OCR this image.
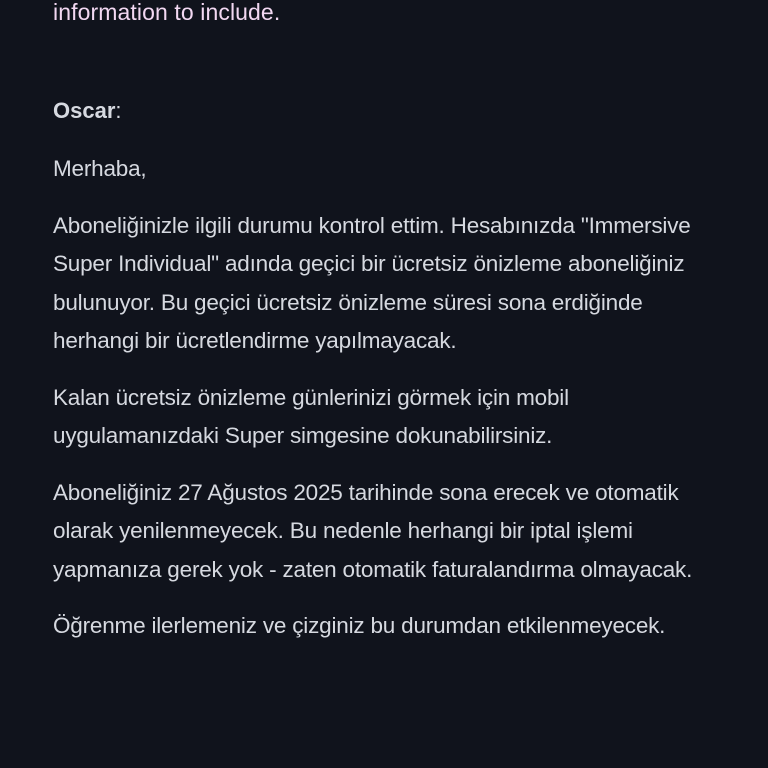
information to include.

Oscar:

Merhaba,

Aboneliğinizle ilgili durumu kontrol ettim. Hesabınızda "Immersive Super Individual" adında geçici bir ücretsiz önizleme aboneliğiniz bulunuyor. Bu geçici ücretsiz önizleme süresi sona erdiğinde herhangi bir ücretlendirme yapılmayacak.

Kalan ücretsiz önizleme günlerinizi görmek için mobil uygulamanızdaki Super simgesine dokunabilirsiniz.

Aboneliğiniz 27 Ağustos 2025 tarihinde sona erecek ve otomatik olarak yenilenmeyecek. Bu nedenle herhangi bir iptal işlemi yapmanıza gerek yok - zaten otomatik faturalandırma olmayacak.

Öğrenme ilerlemeniz ve çizginiz bu durumdan etkilenmeyecek.
